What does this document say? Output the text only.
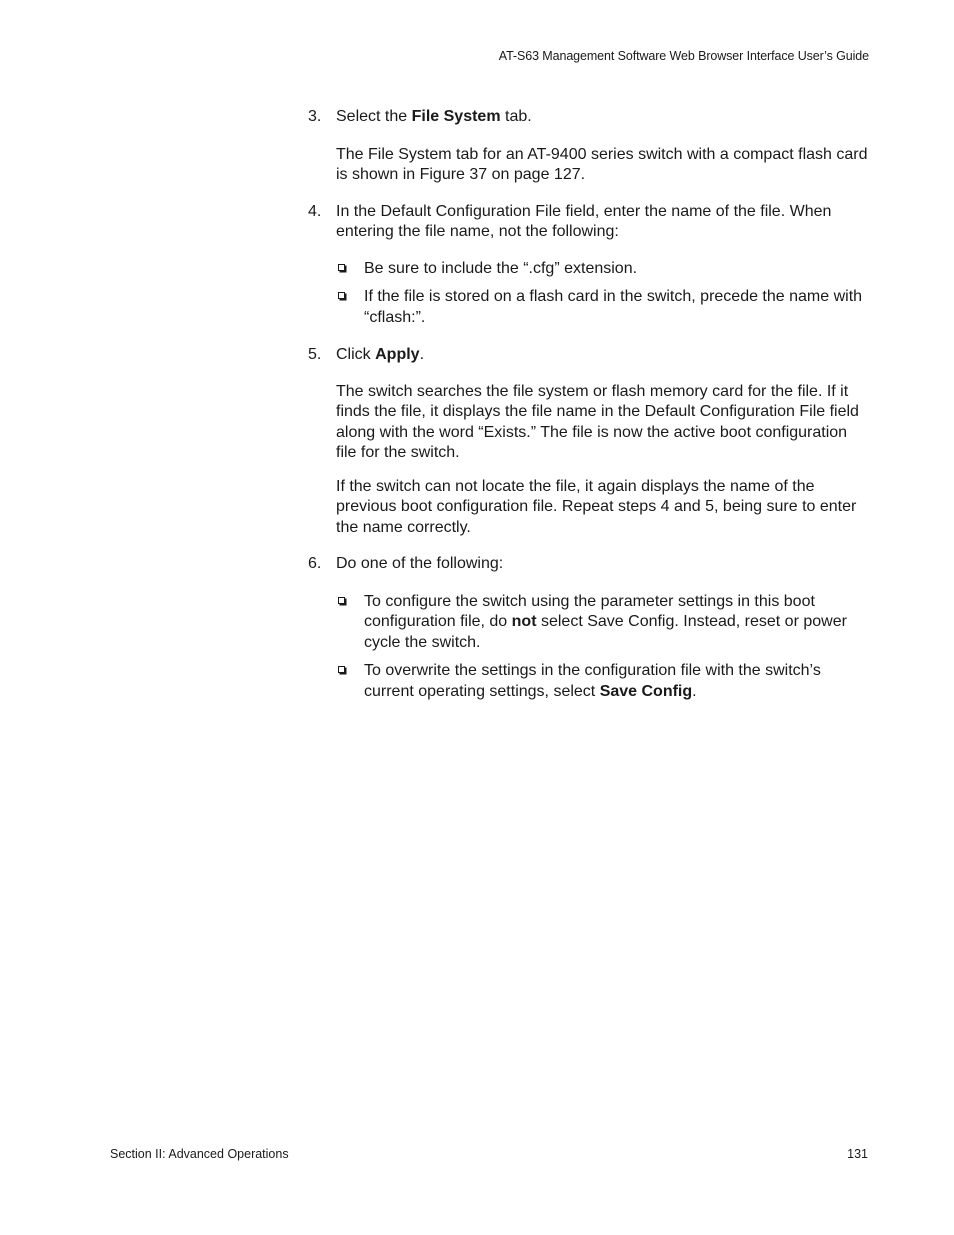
AT-S63 Management Software Web Browser Interface User’s Guide

3. Select the File System tab.

The File System tab for an AT-9400 series switch with a compact flash card is shown in Figure 37 on page 127.

4. In the Default Configuration File field, enter the name of the file. When entering the file name, not the following:

Be sure to include the “.cfg” extension.

If the file is stored on a flash card in the switch, precede the name with “cflash:”.

5. Click Apply.

The switch searches the file system or flash memory card for the file. If it finds the file, it displays the file name in the Default Configuration File field along with the word “Exists.” The file is now the active boot configuration file for the switch.

If the switch can not locate the file, it again displays the name of the previous boot configuration file. Repeat steps 4 and 5, being sure to enter the name correctly.

6. Do one of the following:

To configure the switch using the parameter settings in this boot configuration file, do not select Save Config. Instead, reset or power cycle the switch.

To overwrite the settings in the configuration file with the switch’s current operating settings, select Save Config.

Section II: Advanced Operations	131
